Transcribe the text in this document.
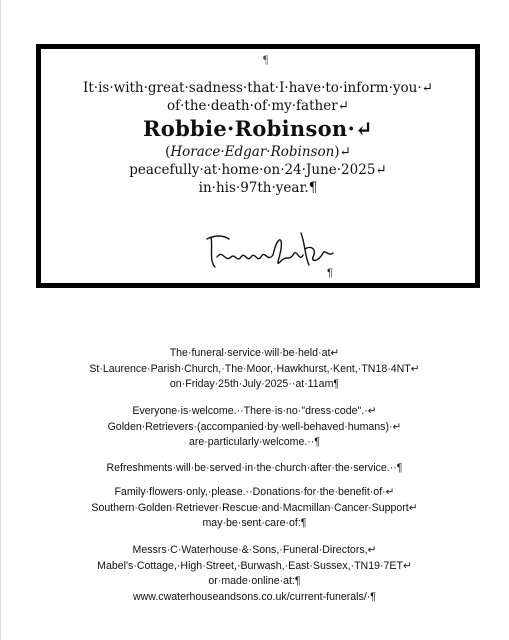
¶
It·is·with·great·sadness·that·I·have·to·inform·you·↵
of·the·death·of·my·father↵
Robbie·Robinson·↵
(Horace·Edgar·Robinson)↵
peacefully·at·home·on·24·June·2025↵
in·his·97th·year.¶
¶

The·funeral·service·will·be·held·at↵
St·Laurence·Parish·Church,·The·Moor,·Hawkhurst,·Kent,·TN18·4NT↵
on·Friday·25th·July·2025··at·11am¶

Everyone·is·welcome.··There·is·no·"dress·code".·↵
Golden·Retrievers·(accompanied·by·well-behaved·humans)·↵
are·particularly·welcome.··¶

Refreshments·will·be·served·in·the·church·after·the·service.··¶

Family·flowers·only,·please.··Donations·for·the·benefit·of·↵
Southern·Golden·Retriever·Rescue·and·Macmillan·Cancer·Support↵
may·be·sent·care·of:¶

Messrs·C·Waterhouse·&·Sons,·Funeral·Directors,↵
Mabel's·Cottage,·High·Street,·Burwash,·East·Sussex,·TN19·7ET↵
or·made·online·at:¶
www.cwaterhouseandsons.co.uk/current-funerals/·¶
